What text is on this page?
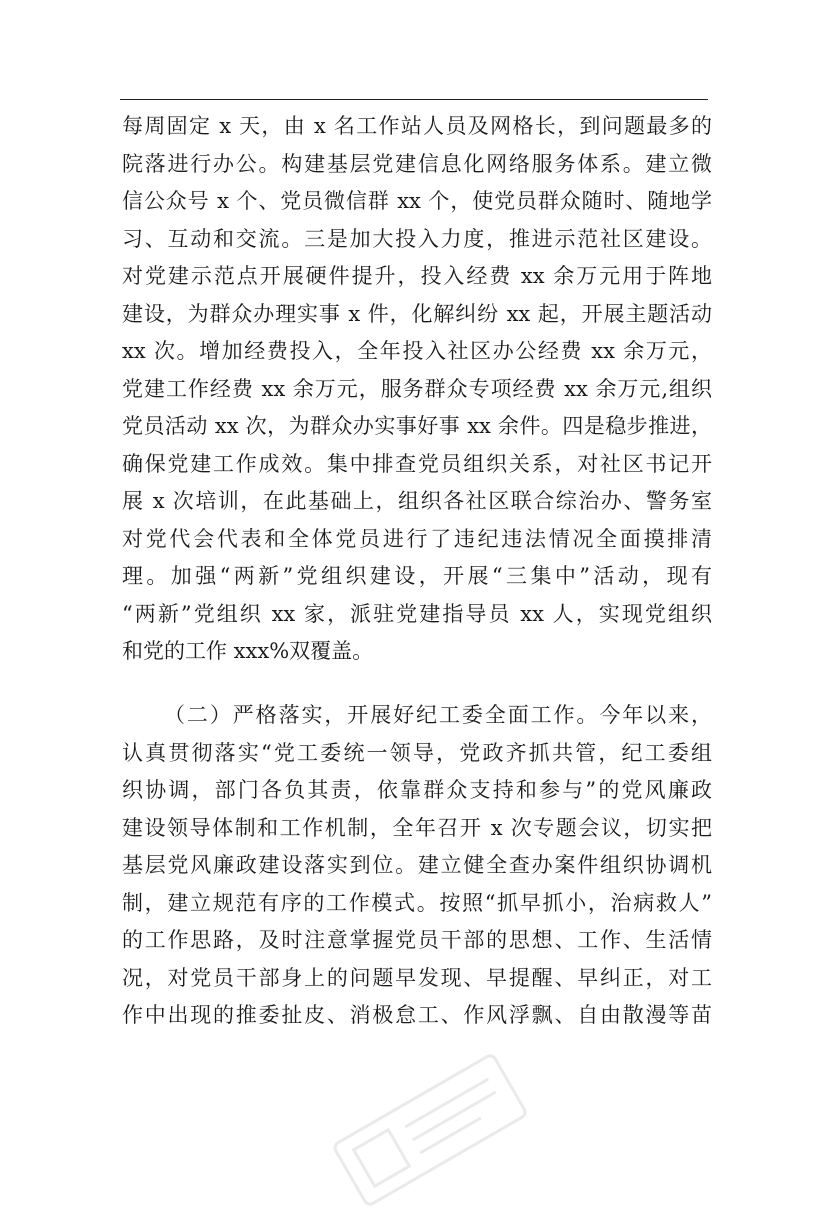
每周固定 x 天，由 x 名工作站人员及网格长，到问题最多的
院落进行办公。构建基层党建信息化网络服务体系。建立微
信公众号 x 个、党员微信群 xx 个，使党员群众随时、随地学
习、互动和交流。三是加大投入力度，推进示范社区建设。
对党建示范点开展硬件提升，投入经费 xx 余万元用于阵地
建设，为群众办理实事 x 件，化解纠纷 xx 起，开展主题活动
xx 次。增加经费投入，全年投入社区办公经费 xx 余万元，
党建工作经费 xx 余万元，服务群众专项经费 xx 余万元,组织
党员活动 xx 次，为群众办实事好事 xx 余件。四是稳步推进，
确保党建工作成效。集中排查党员组织关系，对社区书记开
展 x 次培训，在此基础上，组织各社区联合综治办、警务室
对党代会代表和全体党员进行了违纪违法情况全面摸排清
理。加强“两新”党组织建设，开展“三集中”活动，现有
“两新”党组织 xx 家，派驻党建指导员 xx 人，实现党组织
和党的工作 xxx%双覆盖。
（二）严格落实，开展好纪工委全面工作。今年以来，
认真贯彻落实“党工委统一领导，党政齐抓共管，纪工委组
织协调，部门各负其责，依靠群众支持和参与”的党风廉政
建设领导体制和工作机制，全年召开 x 次专题会议，切实把
基层党风廉政建设落实到位。建立健全查办案件组织协调机
制，建立规范有序的工作模式。按照“抓早抓小，治病救人”
的工作思路，及时注意掌握党员干部的思想、工作、生活情
况，对党员干部身上的问题早发现、早提醒、早纠正，对工
作中出现的推委扯皮、消极怠工、作风浮飘、自由散漫等苗
